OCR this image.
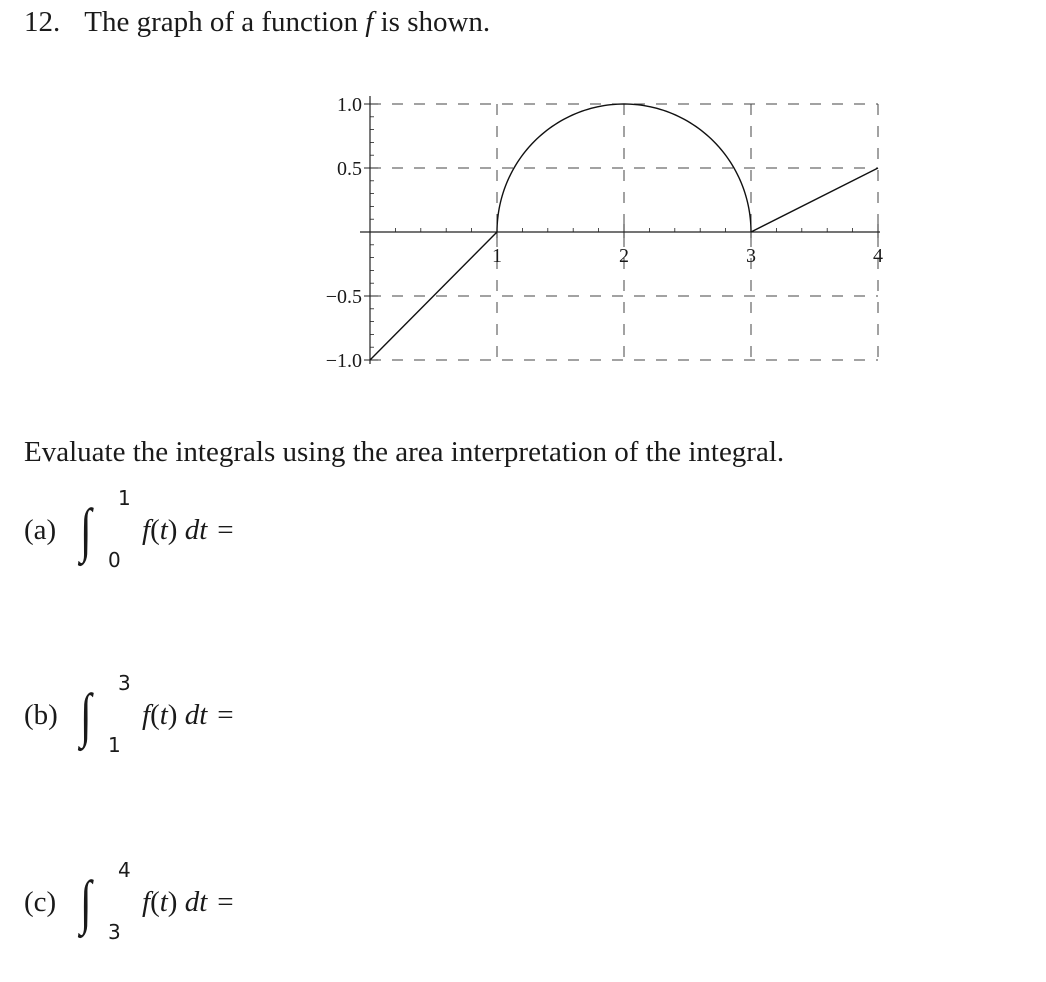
12. The graph of a function f is shown.
1.0
0.5
−0.5
−1.0
1	2	3	4
Evaluate the integrals using the area interpretation of the integral.
(a) ∫ 1
0
f(t) dt =
(b) ∫ 3
1
f(t) dt =
(c) ∫ 4
3
f(t) dt =
